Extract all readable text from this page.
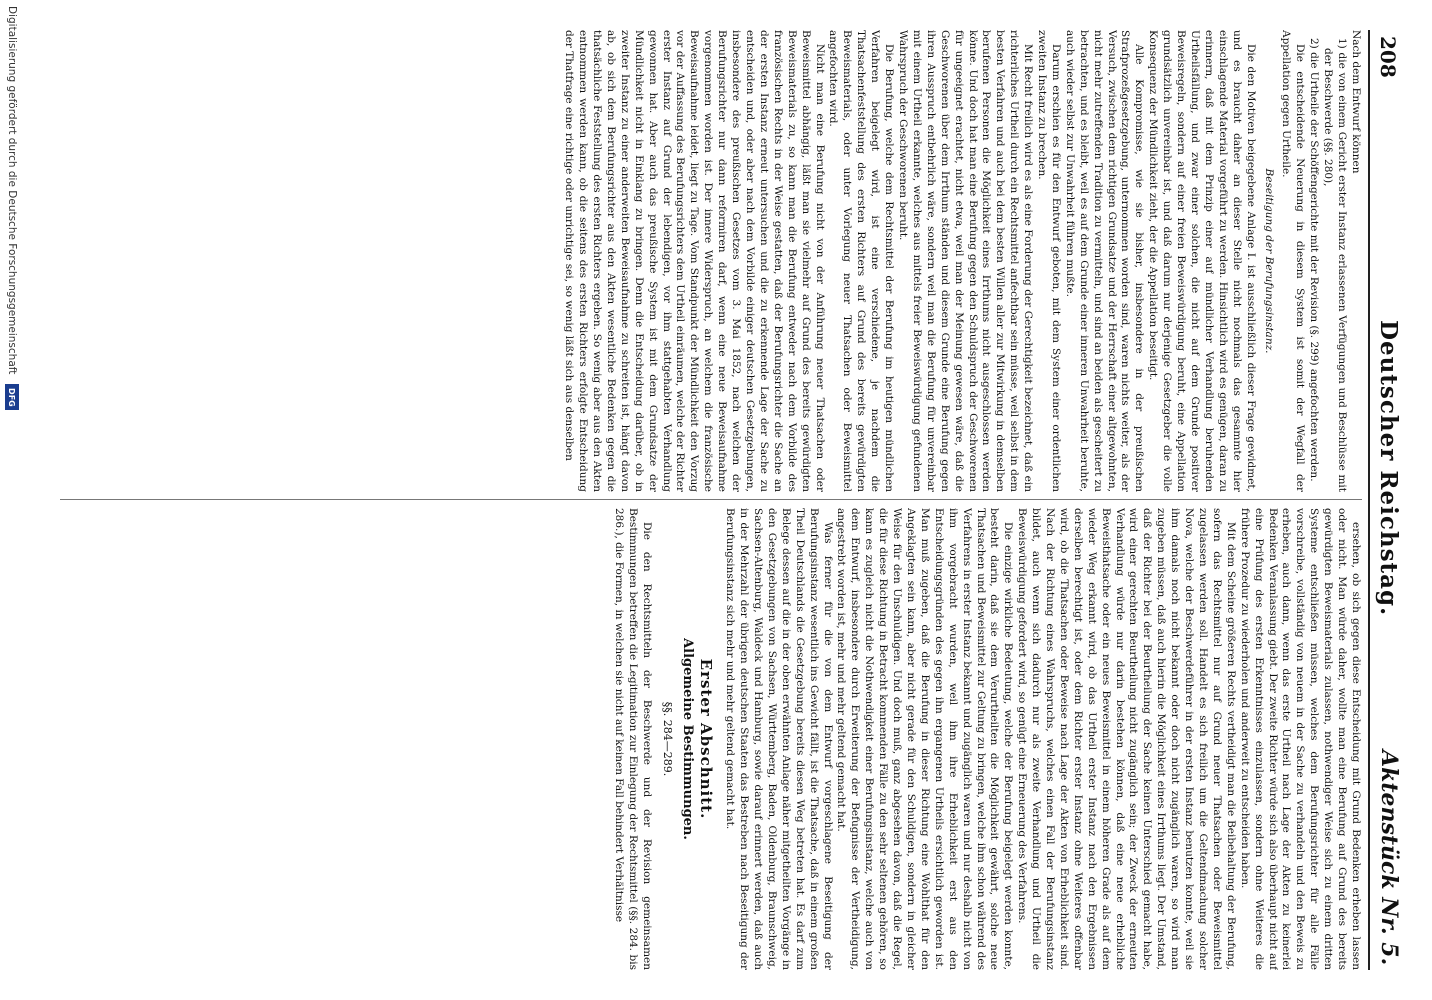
208
Deutscher Reichstag.
Aktenstück Nr. 5.

Nach dem Entwurf können

1) die von einem Gericht erster Instanz erlassenen Verfügungen und Beschlüsse mit der Beschwerde (§§. 280),

2) die Urtheile der Schöffengerichte mit der Revision (§. 299) angefochten werden.

Die entscheidende Neuerung in diesem System ist somit der Wegfall der Appellation gegen Urtheile.

Beseitigung der Berufungsinstanz.

Die den Motiven beigegebene Anlage I. ist ausschließlich dieser Frage gewidmet, und es braucht daher an dieser Stelle nicht nochmals das gesammte hier einschlagende Material vorgeführt zu werden. Hinsichtlich wird es genügen, daran zu erinnern, daß mit dem Prinzip einer auf mündlicher Verhandlung beruhenden Urtheilsfällung, und zwar einer solchen, die nicht auf dem Grunde positiver Beweisregeln, sondern auf einer freien Beweiswürdigung beruht, eine Appellation grundsätzlich unvereinbar ist, und daß darum nur derjenige Gesetzgeber die volle Konsequenz der Mündlichkeit zieht, der die Appellation beseitigt.

Alle Kompromisse, wie sie bisher, insbesondere in der preußischen Strafprozeßgesetzgebung, unternommen worden sind, waren nichts weiter, als der Versuch, zwischen dem richtigen Grundsatze und der Herrschaft einer altgewohnten, nicht mehr zutreffenden Tradition zu vermitteln, und sind an beiden als gescheitert zu betrachten, und es bleibt, weil es auf dem Grunde einer inneren Unwahrheit beruhte, auch wieder selbst zur Unwahrheit führen mußte.

Darum erschien es für den Entwurf geboten, mit dem System einer ordentlichen zweiten Instanz zu brechen.

Mit Recht freilich wird es als eine Forderung der Gerechtigkeit bezeichnet, daß ein richterliches Urtheil durch ein Rechtsmittel anfechtbar sein müsse, weil selbst in dem besten Verfahren und auch bei dem besten Willen aller zur Mitwirkung in demselben berufenen Personen die Möglichkeit eines Irrthums nicht ausgeschlossen werden könne. Und doch hat man eine Berufung gegen den Schuldspruch der Geschworenen für ungeeignet erachtet, nicht etwa, weil man der Meinung gewesen wäre, daß die Geschworenen über dem Irrthum ständen und diesem Grunde eine Berufung gegen ihren Ausspruch entbehrlich wäre, sondern weil man die Berufung für unvereinbar mit einem Urtheil erkannte, welches aus mittels freier Beweiswürdigung gefundenen Wahrspruch der Geschworenen beruht.

Die Berufung, welche dem Rechtsmittel der Berufung im heutigen mündlichen Verfahren beigelegt wird, ist eine verschiedene, je nachdem die Thatsachenfeststellung des ersten Richters auf Grund des bereits gewürdigten Beweismaterials, oder unter Vorlegung neuer Thatsachen oder Beweismittel angefochten wird.

Nicht man eine Berufung nicht von der Anführung neuer Thatsachen oder Beweismittel abhängig, läßt man sie vielmehr auf Grund des bereits gewürdigten Beweismaterials zu, so kann man die Berufung entweder nach dem Vorbilde des französischen Rechts in der Weise gestatten, daß der Berufungsrichter die Sache an der ersten Instanz erneut untersuchen und die zu erkennende Lage der Sache zu entscheiden und, oder aber nach dem Vorbilde einiger deutschen Gesetzgebungen, insbesondere des preußischen Gesetzes vom 3. Mai 1852, nach welchen der Berufungsrichter nur dann reformiren darf, wenn eine neue Beweisaufnahme vorgenommen worden ist. Der innere Widerspruch, an welchem die französische Beweisaufnahme leidet, liegt zu Tage. Vom Standpunkt der Mündlichkeit den Vorzug vor der Auffassung des Berufungsrichters dem Urtheil einräumen, welche der Richter erster Instanz auf Grund der lebendigen, vor ihm stattgehabten Verhandlung gewonnen hat. Aber auch das preußische System ist mit dem Grundsatze der Mündlichkeit nicht in Einklang zu bringen. Denn die Entscheidung darüber, ob in zweiter Instanz zu einer anderweiten Beweisaufnahme zu schreiten ist, hängt davon ab, ob sich dem Berufungsrichter aus den Akten wesentliche Bedenken gegen die thatsächliche Feststellung des ersten Richters ergeben. So wenig aber aus den Akten entnommen werden kann, ob die seitens des ersten Richters erfolgte Entscheidung der Thatfrage eine richtige oder unrichtige sei, so wenig läßt sich aus denselben

ersehen, ob sich gegen diese Entscheidung mit Grund Bedenken erheben lassen oder nicht. Man würde daher, wollte man eine Berufung auf Grund des bereits gewürdigten Beweismaterials zulassen, nothwendiger Weise sich zu einem dritten Systeme entschließen müssen, welches dem Berufungsrichter für alle Fälle vorschreibe, vollständig von neuem in der Sache zu verhandeln und den Beweis zu erheben, auch dann, wenn das erste Urtheil nach Lage der Akten zu keinerlei Bedenken Veranlassung giebt. Der zweite Richter würde sich also überhaupt nicht auf eine Prüfung des ersten Erkenntnisses einzulassen, sondern ohne Weiteres die frühere Prozedur zu wiederholen und anderweit zu entscheiden haben.

Mit dem Scheine größeren Rechts vertheidigt man die Beibehaltung der Berufung, sofern das Rechtsmittel nur auf Grund neuer Thatsachen oder Beweismittel zugelassen werden soll. Handelt es sich freilich um die Geltendmachung solcher Nova, welche der Beschwerdeführer in der ersten Instanz benutzen konnte, weil sie ihm damals noch nicht bekannt oder doch nicht zugänglich waren, so wird man zugeben müssen, daß auch hierin die Möglichkeit eines Irrthums liegt. Der Umstand, daß der Richter bei der Beurtheilung der Sache keinen Unterschied gemacht habe, wird einer gerechten Beurtheilung nicht zugänglich sein; der Zweck der erneuten Verhandlung würde nur darin bestehen können, daß eine neue erhebliche Beweisthatsache oder ein neues Beweismittel in einem höheren Grade als auf dem wieder Weg erkannt wird, ob das Urtheil erster Instanz nach den Ergebnissen derselben berechtigt ist, oder dem Richter erster Instanz ohne Weiteres offenbar wird, ob die Thatsachen oder Beweise nach Lage der Akten von Erheblichkeit sind. Nach der Richtung eines Wahrspruchs, welches einen Fall der Berufungsinstanz bildet, auch wenn sich dadurch nur als zweite Verhandlung und Urtheil die Beweiswürdigung gefordert wird, so genügt eine Erneuerung des Verfahrens.

Die einzige wirkliche Bedeutung, welche der Berufung beigelegt werden konnte, besteht darin, daß sie dem Verurtheilten die Möglichkeit gewährt, solche neue Thatsachen und Beweismittel zur Geltung zu bringen, welche ihm schon während des Verfahrens in erster Instanz bekannt und zugänglich waren und nur deshalb nicht von ihm vorgebracht wurden, weil ihm ihre Erheblichkeit erst aus den Entscheidungsgründen des gegen ihn ergangenen Urtheils ersichtlich geworden ist. Man muß zugeben, daß die Berufung in dieser Richtung eine Wohlthat für den Angeklagten sein kann, aber nicht gerade für den Schuldigen, sondern in gleicher Weise für den Unschuldigen. Und doch muß, ganz abgesehen davon, daß die Regel, die für diese Richtung in Betracht kommenden Fälle zu den sehr seltenen gehören, so kann es zugleich nicht die Nothwendigkeit einer Berufungsinstanz, welche auch von dem Entwurf, insbesondere durch Erweiterung der Befugnisse der Vertheidigung, angestrebt worden ist, mehr und mehr geltend gemacht hat.

Was ferner für die von dem Entwurf vorgeschlagene Beseitigung der Berufungsinstanz wesentlich ins Gewicht fällt, ist die Thatsache, daß in einem großen Theil Deutschlands die Gesetzgebung bereits diesen Weg betreten hat. Es darf zum Belege dessen auf die in der oben erwähnten Anlage näher mitgetheilten Vorgänge in den Gesetzgebungen von Sachsen, Württemberg, Baden, Oldenburg, Braunschweig, Sachsen-Altenburg, Waldeck und Hamburg, sowie darauf erinnert werden, daß auch in der Mehrzahl der übrigen deutschen Staaten das Bestreben nach Beseitigung der Berufungsinstanz sich mehr und mehr geltend gemacht hat.

Erster Abschnitt.

Allgemeine Bestimmungen.

§§. 284—289.

Die den Rechtsmitteln der Beschwerde und der Revision gemeinsamen Bestimmungen betreffen die Legitimation zur Einlegung der Rechtsmittel (§§. 284. bis 286.), die Formen, in welchen sie nicht auf keinen Fall behindert Verhältnisse

Digitalisierung gefördert durch die Deutsche Forschungsgemeinschaft
DFG
